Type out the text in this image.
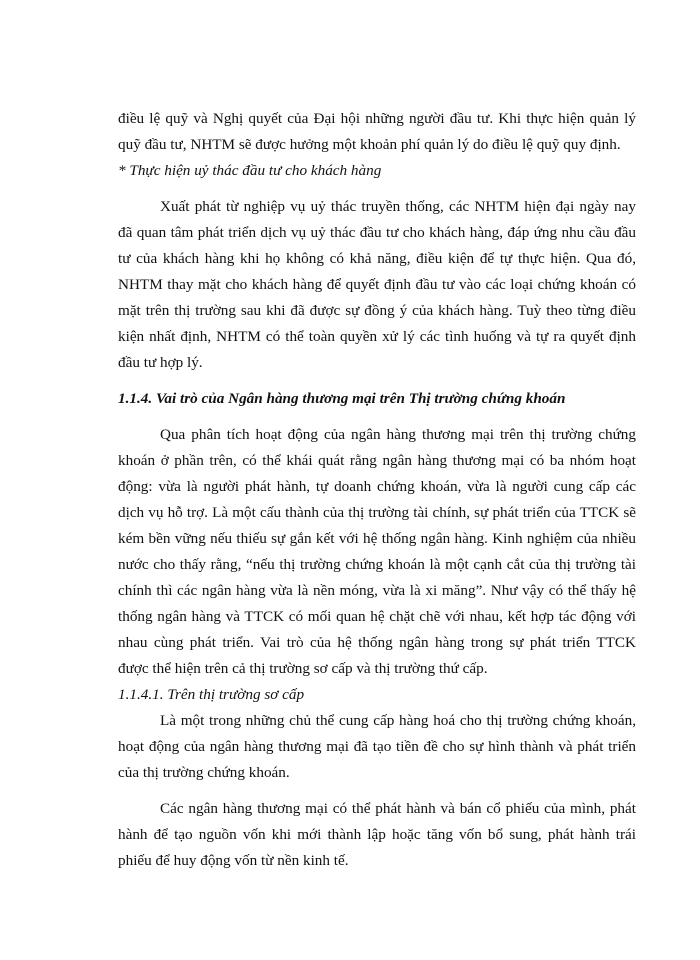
điều lệ quỹ và Nghị quyết của Đại hội những người đầu tư. Khi thực hiện quản lý

quỹ đầu tư, NHTM sẽ được hưởng một khoản phí quản lý do điều lệ quỹ quy định.

* Thực hiện uỷ thác đầu tư cho khách hàng

Xuất phát từ nghiệp vụ uỷ thác truyền thống, các NHTM hiện đại ngày nay

đã quan tâm phát triển dịch vụ uỷ thác đầu tư cho khách hàng, đáp ứng nhu cầu đầu

tư của khách hàng khi họ không có khả năng, điều kiện để tự thực hiện. Qua đó,

NHTM thay mặt cho khách hàng để quyết định đầu tư vào các loại chứng khoán có

mặt trên thị trường sau khi đã được sự đồng ý của khách hàng. Tuỳ theo từng điều

kiện nhất định, NHTM có thể toàn quyền xử lý các tình huống và tự ra quyết định

đầu tư hợp lý.

1.1.4. Vai trò của Ngân hàng thương mại trên Thị trường chứng khoán

Qua phân tích hoạt động của ngân hàng thương mại trên thị trường chứng

khoán ở phần trên, có thể khái quát rằng ngân hàng thương mại có ba nhóm hoạt

động: vừa là người phát hành, tự doanh chứng khoán, vừa là người cung cấp các

dịch vụ hỗ trợ. Là một cấu thành của thị trường tài chính, sự phát triển của TTCK sẽ

kém bền vững nếu thiếu sự gắn kết với hệ thống ngân hàng. Kinh nghiệm của nhiều

nước cho thấy rằng, “nếu thị trường chứng khoán là một cạnh cắt của thị trường tài

chính thì các ngân hàng vừa là nền móng, vừa là xi măng”. Như vậy có thể thấy hệ

thống ngân hàng và TTCK có mối quan hệ chặt chẽ với nhau, kết hợp tác động với

nhau cùng phát triển. Vai trò của hệ thống ngân hàng trong sự phát triển TTCK

được thể hiện trên cả thị trường sơ cấp và thị trường thứ cấp.

1.1.4.1. Trên thị trường sơ cấp

Là một trong những chủ thể cung cấp hàng hoá cho thị trường chứng khoán,

hoạt động của ngân hàng thương mại đã tạo tiền đề cho sự hình thành và phát triển

của thị trường chứng khoán.

Các ngân hàng thương mại có thể phát hành và bán cổ phiếu của mình, phát

hành để tạo nguồn vốn khi mới thành lập hoặc tăng vốn bổ sung, phát hành trái

phiếu để huy động vốn từ nền kinh tế.
